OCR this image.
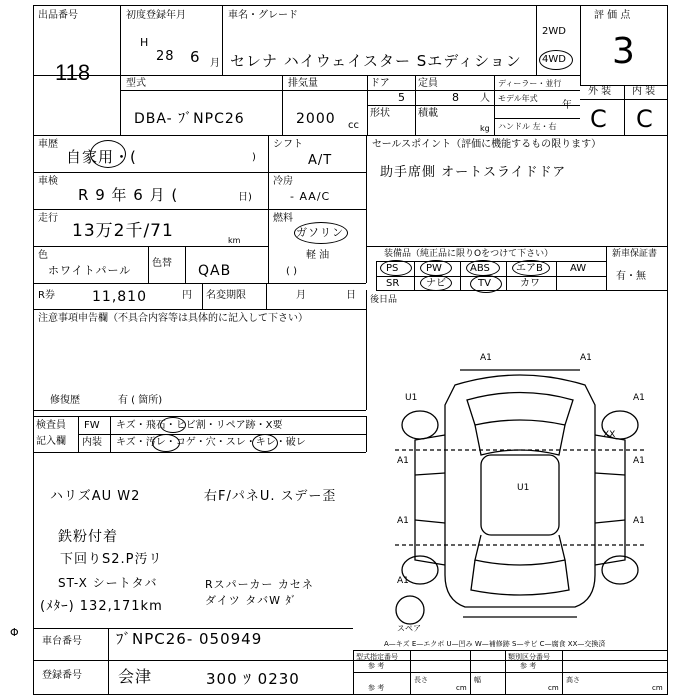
出品番号
118
初度登録年月
H
28 6 月
車名・グレード
セレナ ハイウェイスター Sエディション
2WD
4WD
評 価 点
3
型式
DBA- ﾌﾞNPC26
排気量
2000 cc
ドア
5
定員
8 人
ディーラー・並行
モデル年式
年
ハンドル 左・右
形状	積載
kg
外 装 内 装
C C
車歴
自家用・(	)
シフト
A/T
車検
R 9 年 6 月 (	日)
冷房
- AA/C
走行
13万2千/71	km
燃料
ガソリン
軽 油
( )
色
ホワイトパール
色替 QAB
R券	11,810	円 名変期限	月	日
セールスポイント（評価に機能するもの限ります）
助手席側 オートスライドドア
装備品（純正品に限りOをつけて下さい）	新車保証書
有・無
PS	PW	ABS	エアB	AW
SR	ナビ	TV	カワ
後日品
注意事項申告欄（不具合内容等は具体的に記入して下さい）
修復歴	有 ( 箇所)
検査員
記入欄
FW キズ・飛石・ヒビ割・リペア跡・X要
内装 キズ・汚レ・コゲ・穴・スレ・キレ・破レ
ハリズAU W2	右F/パネU. スデー歪
鉄粉付着
下回りS2.P汚リ
ST-X シートタバ	Rスパーカー カセネ
(ﾒﾀｰ) 132,171km	ダイツ タバW ﾀﾞ
Φ
A1	A1
U1	A1
XX
A1	A1
A1	A1
A1
U1
スペア
A—キズ E—エクボ U—凹み W—補修跡 S—サビ C—腐食 XX—交換済
車台番号 ﾌﾞNPC26- 050949
登録番号 会津	300 ﾂ 0230
型式指定番号
参 考
類別区分番号
参 考
長さ
cm
幅
cm
高さ
cm
参 考
